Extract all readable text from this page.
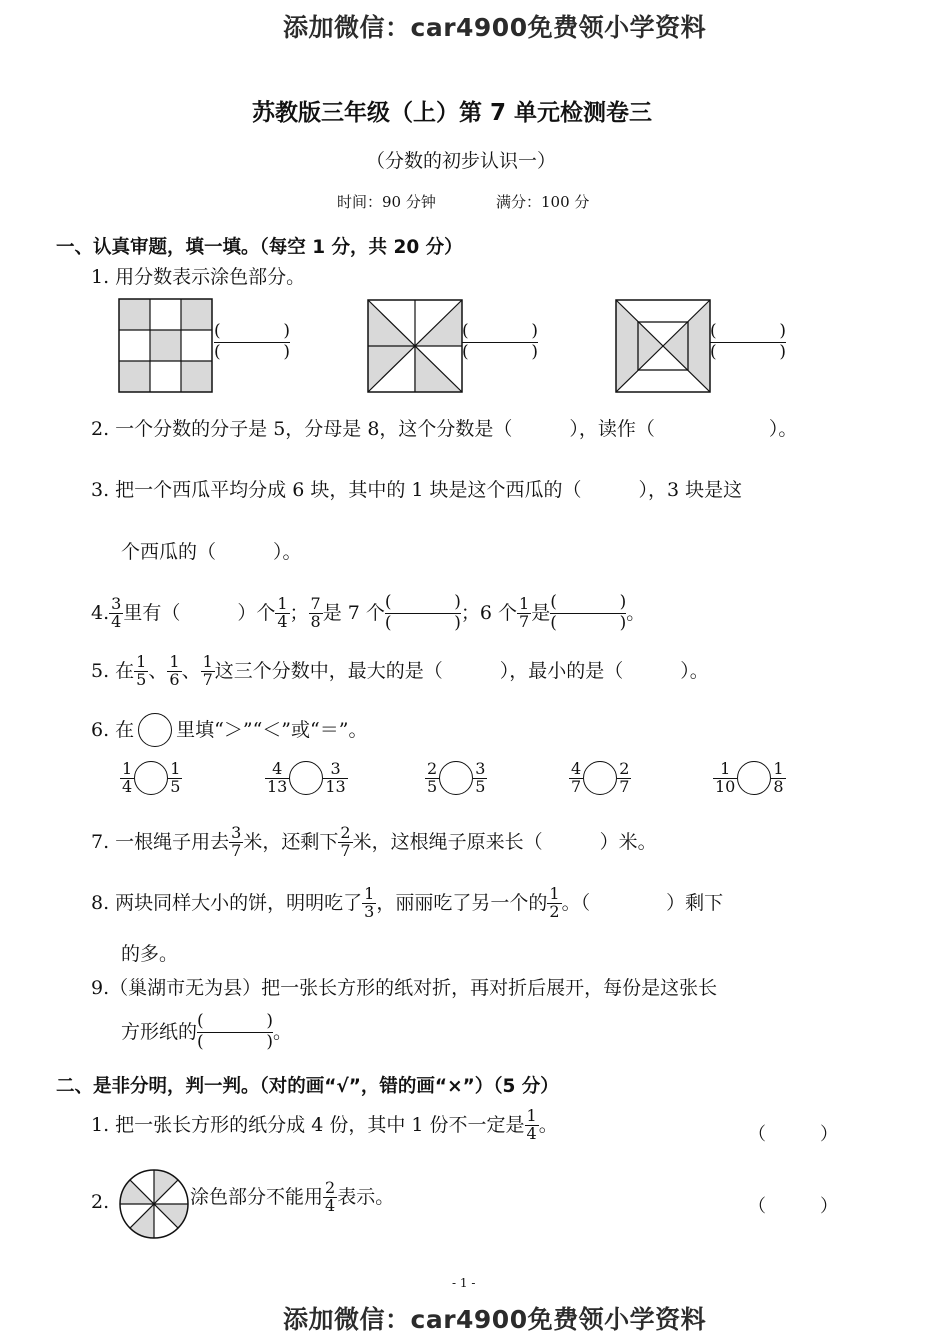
添加微信：car4900免费领小学资料
苏教版三年级（上）第 7 单元检测卷三
（分数的初步认识一）
时间：90 分钟	满分：100 分
一、认真审题，填一填。（每空 1 分，共 20 分）
1. 用分数表示涂色部分。
(	)
(	)
(	)
(	)
(	)
(	)
2. 一个分数的分子是 5，分母是 8，这个分数是（　　　），读作（　　　　　　）。
3. 把一个西瓜平均分成 6 块，其中的 1 块是这个西瓜的（　　　），3 块是这
个西瓜的（　　　）。
4. $\frac{3}{4}$ 里有（　　　）个 $\frac{1}{4}$ ； $\frac{7}{8}$ 是 7 个 (	)
(	) ；6 个 $\frac{1}{7}$ 是 (	)
(	) 。
5. 在 $\frac{1}{5}$ 、 $\frac{1}{6}$ 、 $\frac{1}{7}$ 这三个分数中，最大的是（　　　），最小的是（　　　）。
6. 在 里填“＞”“＜”或“＝”。
$\frac{1}{4} \frac{1}{5}$	$\frac{4}{13} \frac{3}{13}$	$\frac{2}{5} \frac{3}{5}$	$\frac{4}{7} \frac{2}{7}$	$\frac{1}{10} \frac{1}{8}$
7. 一根绳子用去 $\frac{3}{7}$ 米，还剩下 $\frac{2}{7}$ 米，这根绳子原来长（　　　）米。
8. 两块同样大小的饼，明明吃了 $\frac{1}{3}$ ，丽丽吃了另一个的 $\frac{1}{2}$ 。（　　　　）剩下
的多。
9.（巢湖市无为县）把一张长方形的纸对折，再对折后展开，每份是这张长
方形纸的 (	)
(	) 。
二、是非分明，判一判。（对的画“√”，错的画“×”）（5 分）
1. 把一张长方形的纸分成 4 份，其中 1 份不一定是 $\frac{1}{4}$ 。	（　　　）
2.	涂色部分不能用 $\frac{2}{4}$ 表示。	（　　　）
- 1 -
添加微信：car4900免费领小学资料
